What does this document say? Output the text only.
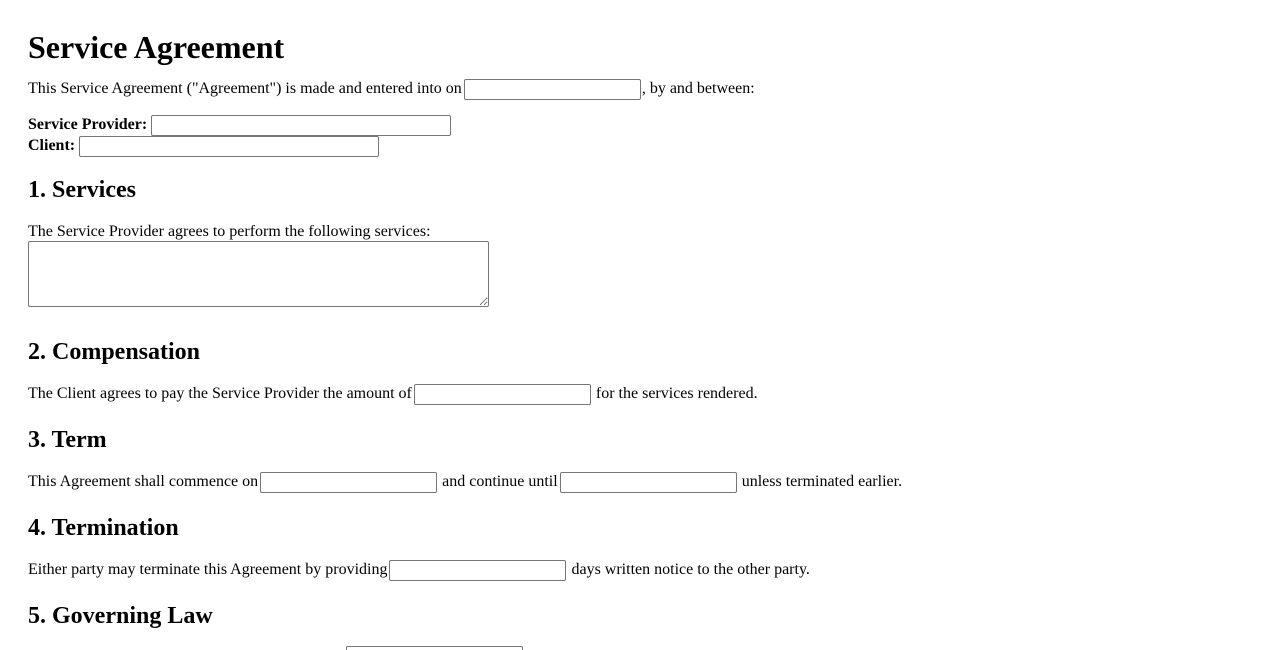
Service Agreement
This Service Agreement ("Agreement") is made and entered into on	, by and between:
Service Provider:
Client:
1. Services
The Service Provider agrees to perform the following services:
2. Compensation
The Client agrees to pay the Service Provider the amount of	for the services rendered.
3. Term
This Agreement shall commence on	and continue until	unless terminated earlier.
4. Termination
Either party may terminate this Agreement by providing	days written notice to the other party.
5. Governing Law
